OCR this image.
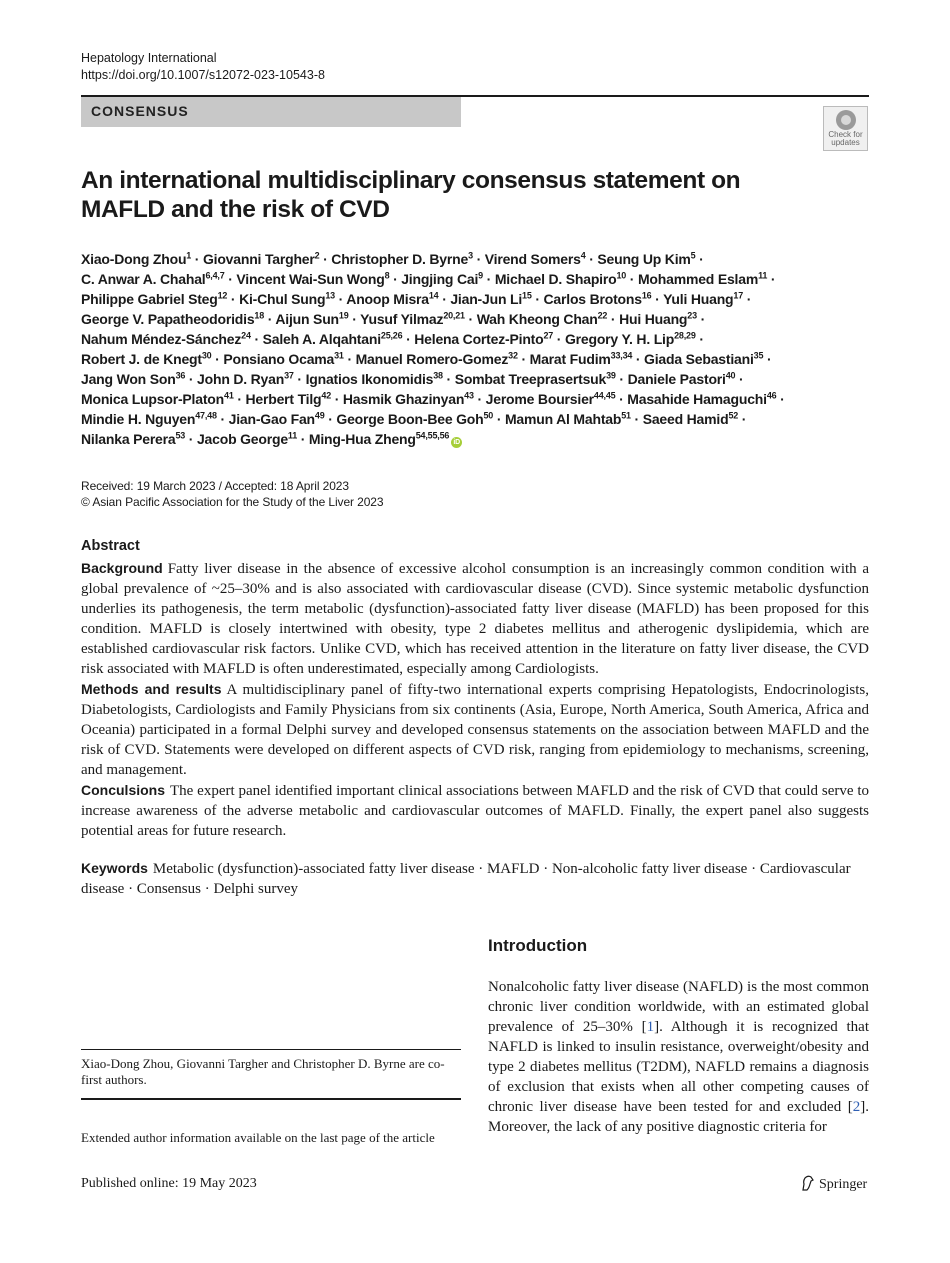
Hepatology International
https://doi.org/10.1007/s12072-023-10543-8
CONSENSUS
Check for updates
An international multidisciplinary consensus statement on MAFLD and the risk of CVD
Xiao-Dong Zhou$^1$ · Giovanni Targher$^2$ · Christopher D. Byrne$^3$ · Virend Somers$^4$ · Seung Up Kim$^5$ ·
C. Anwar A. Chahal$^{6,4,7}$ · Vincent Wai-Sun Wong$^8$ · Jingjing Cai$^9$ · Michael D. Shapiro$^{10}$ · Mohammed Eslam$^{11}$ ·
Philippe Gabriel Steg$^{12}$ · Ki-Chul Sung$^{13}$ · Anoop Misra$^{14}$ · Jian-Jun $Li^{15}$ · Carlos Brotons$^{16}$ · Yuli Huang$^{17}$ ·
George V. Papatheodoridis$^{18}$ · Aijun Sun$^{19}$ · Yusuf Yilmaz$^{20,21}$ · Wah Kheong Chan$^{22}$ · Hui Huang$^{23}$ ·
Nahum Méndez-Sánchez$^{24}$ · Saleh A. Alqahtani$^{25,26}$ · Helena Cortez-Pinto$^{27}$ · Gregory Y. H. Lip$^{28,29}$ ·
Robert J. de Knegt$^{30}$ · Ponsiano Ocama$^{31}$ · Manuel Romero-Gomez$^{32}$ · Marat Fudim$^{33,34}$ · Giada Sebastiani$^{35}$ ·
Jang Won Son$^{36}$ · John D. Ryan$^{37}$ · Ignatios Ikonomidis$^{38}$ · Sombat Treeprasertsuk$^{39}$ · Daniele Pastori$^{40}$ ·
Monica Lupsor-Platon$^{41}$ · Herbert Tilg$^{42}$ · Hasmik Ghazinyan$^{43}$ · Jerome Boursier$^{44,45}$ · Masahide Hamaguchi$^{46}$ ·
Mindie H. Nguyen$^{47,48}$ · Jian-Gao Fan$^{49}$ · George Boon-Bee Goh$^{50}$ · Mamun Al Mahtab$^{51}$ · Saeed Hamid$^{52}$ ·
Nilanka Perera$^{53}$ · Jacob George$^{11}$ · Ming-Hua Zheng$^{54,55,56}$iD
Received: 19 March 2023 / Accepted: 18 April 2023
© Asian Pacific Association for the Study of the Liver 2023
Abstract

Background Fatty liver disease in the absence of excessive alcohol consumption is an increasingly common condition with a global prevalence of ~25–30% and is also associated with cardiovascular disease (CVD). Since systemic metabolic dysfunction underlies its pathogenesis, the term metabolic (dysfunction)-associated fatty liver disease (MAFLD) has been proposed for this condition. MAFLD is closely intertwined with obesity, type 2 diabetes mellitus and atherogenic dyslipidemia, which are established cardiovascular risk factors. Unlike CVD, which has received attention in the literature on fatty liver disease, the CVD risk associated with MAFLD is often underestimated, especially among Cardiologists.

Methods and results A multidisciplinary panel of fifty-two international experts comprising Hepatologists, Endocrinologists, Diabetologists, Cardiologists and Family Physicians from six continents (Asia, Europe, North America, South America, Africa and Oceania) participated in a formal Delphi survey and developed consensus statements on the association between MAFLD and the risk of CVD. Statements were developed on different aspects of CVD risk, ranging from epidemiology to mechanisms, screening, and management.

Conculsions The expert panel identified important clinical associations between MAFLD and the risk of CVD that could serve to increase awareness of the adverse metabolic and cardiovascular outcomes of MAFLD. Finally, the expert panel also suggests potential areas for future research.

Keywords Metabolic (dysfunction)-associated fatty liver disease · MAFLD · Non-alcoholic fatty liver disease · Cardiovascular disease · Consensus · Delphi survey
Introduction

Nonalcoholic fatty liver disease (NAFLD) is the most common chronic liver condition worldwide, with an estimated global prevalence of 25–30% [1]. Although it is recognized that NAFLD is linked to insulin resistance, overweight/obesity and type 2 diabetes mellitus (T2DM), NAFLD remains a diagnosis of exclusion that exists when all other competing causes of chronic liver disease have been tested for and excluded [2]. Moreover, the lack of any positive diagnostic criteria for

Xiao-Dong Zhou, Giovanni Targher and Christopher D. Byrne are co-first authors.
Extended author information available on the last page of the article
Published online: 19 May 2023	Springer
